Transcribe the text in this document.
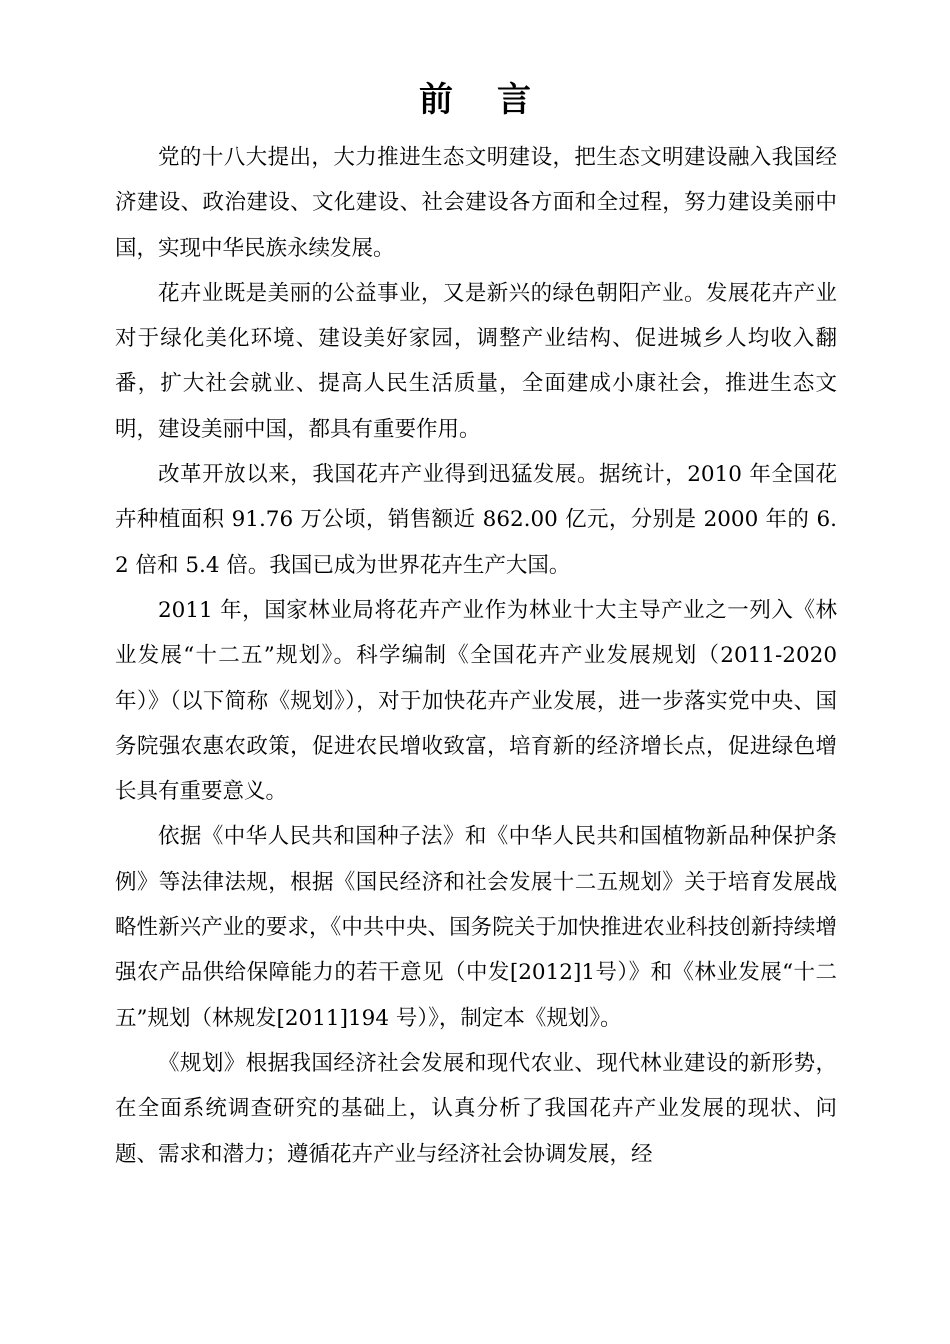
前言

党的十八大提出，大力推进生态文明建设，把生态文明建设融入我国经济建设、政治建设、文化建设、社会建设各方面和全过程，努力建设美丽中国，实现中华民族永续发展。

花卉业既是美丽的公益事业，又是新兴的绿色朝阳产业。发展花卉产业对于绿化美化环境、建设美好家园，调整产业结构、促进城乡人均收入翻番，扩大社会就业、提高人民生活质量，全面建成小康社会，推进生态文明，建设美丽中国，都具有重要作用。

改革开放以来，我国花卉产业得到迅猛发展。据统计，2010 年全国花卉种植面积 91.76 万公顷，销售额近 862.00 亿元，分别是 2000 年的 6.2 倍和 5.4 倍。我国已成为世界花卉生产大国。

2011 年，国家林业局将花卉产业作为林业十大主导产业之一列入《林业发展“十二五”规划》。科学编制《全国花卉产业发展规划（2011-2020 年）》（以下简称《规划》），对于加快花卉产业发展，进一步落实党中央、国务院强农惠农政策，促进农民增收致富，培育新的经济增长点，促进绿色增长具有重要意义。

依据《中华人民共和国种子法》和《中华人民共和国植物新品种保护条例》等法律法规，根据《国民经济和社会发展十二五规划》关于培育发展战略性新兴产业的要求，《中共中央、国务院关于加快推进农业科技创新持续增强农产品供给保障能力的若干意见（中发[2012]1号）》和《林业发展“十二五”规划（林规发[2011]194 号）》，制定本《规划》。

《规划》根据我国经济社会发展和现代农业、现代林业建设的新形势，在全面系统调查研究的基础上，认真分析了我国花卉产业发展的现状、问题、需求和潜力；遵循花卉产业与经济社会协调发展，经
